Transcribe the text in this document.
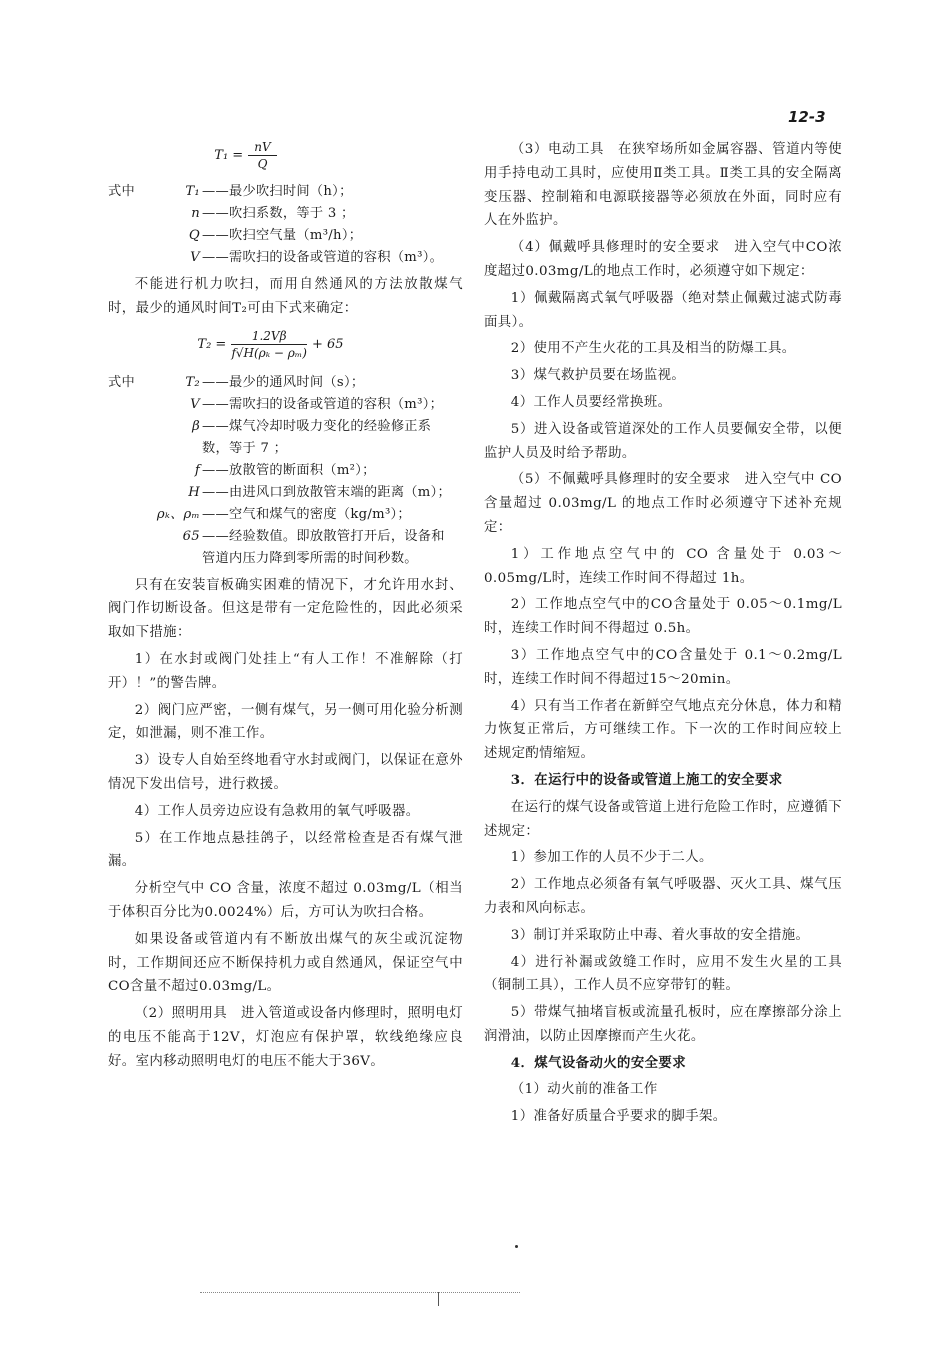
12-3
$T_1 = \frac{nV}{Q}$
式中	T₁ ——最少吹扫时间（h）；
n ——吹扫系数，等于 3 ；
Q ——吹扫空气量（m³/h）；
V ——需吹扫的设备或管道的容积（m³）。

不能进行机力吹扫，而用自然通风的方法放散煤气时，最少的通风时间T₂可由下式来确定：

$T_2 = \frac{1.2V\beta}{\text{f√H(ρₖ − ρₘ)}} + 65$
式中	T₂ ——最少的通风时间（s）；
V ——需吹扫的设备或管道的容积（m³）；
β ——煤气冷却时吸力变化的经验修正系
数，等于 7 ；
f ——放散管的断面积（m²）；
H ——由进风口到放散管末端的距离（m）；
ρₖ、ρₘ ——空气和煤气的密度（kg/m³）；
65 ——经验数值。即放散管打开后，设备和
管道内压力降到零所需的时间秒数。

只有在安装盲板确实困难的情况下，才允许用水封、阀门作切断设备。但这是带有一定危险性的，因此必须采取如下措施：

1）在水封或阀门处挂上“有人工作！不准解除（打开）！”的警告牌。

2）阀门应严密，一侧有煤气，另一侧可用化验分析测定，如泄漏，则不准工作。

3）设专人自始至终地看守水封或阀门，以保证在意外情况下发出信号，进行救援。

4）工作人员旁边应设有急救用的氧气呼吸器。

5）在工作地点悬挂鸽子，以经常检查是否有煤气泄漏。

分析空气中 CO 含量，浓度不超过 0.03mg/L（相当于体积百分比为0.0024%）后，方可认为吹扫合格。

如果设备或管道内有不断放出煤气的灰尘或沉淀物时，工作期间还应不断保持机力或自然通风，保证空气中CO含量不超过0.03mg/L。

（2）照明用具　进入管道或设备内修理时，照明电灯的电压不能高于12V，灯泡应有保护罩，软线绝缘应良好。室内移动照明电灯的电压不能大于36V。

（3）电动工具　在狭窄场所如金属容器、管道内等使用手持电动工具时，应使用Ⅱ类工具。Ⅱ类工具的安全隔离变压器、控制箱和电源联接器等必须放在外面，同时应有人在外监护。

（4）佩戴呼具修理时的安全要求　进入空气中CO浓度超过0.03mg/L的地点工作时，必须遵守如下规定：

1）佩戴隔离式氧气呼吸器（绝对禁止佩戴过滤式防毒面具）。

2）使用不产生火花的工具及相当的防爆工具。

3）煤气救护员要在场监视。

4）工作人员要经常换班。

5）进入设备或管道深处的工作人员要佩安全带，以便监护人员及时给予帮助。

（5）不佩戴呼具修理时的安全要求　进入空气中 CO 含量超过 0.03mg/L 的地点工作时必须遵守下述补充规定：

1）工作地点空气中的 CO 含量处于 0.03～0.05mg/L时，连续工作时间不得超过 1h。

2）工作地点空气中的CO含量处于 0.05～0.1mg/L时，连续工作时间不得超过 0.5h。

3）工作地点空气中的CO含量处于 0.1～0.2mg/L时，连续工作时间不得超过15～20min。

4）只有当工作者在新鲜空气地点充分休息，体力和精力恢复正常后，方可继续工作。下一次的工作时间应较上述规定酌情缩短。

3．在运行中的设备或管道上施工的安全要求

在运行的煤气设备或管道上进行危险工作时，应遵循下述规定：

1）参加工作的人员不少于二人。

2）工作地点必须备有氧气呼吸器、灭火工具、煤气压力表和风向标志。

3）制订并采取防止中毒、着火事故的安全措施。

4）进行补漏或敛缝工作时，应用不发生火星的工具（铜制工具），工作人员不应穿带钉的鞋。

5）带煤气抽堵盲板或流量孔板时，应在摩擦部分涂上润滑油，以防止因摩擦而产生火花。

4．煤气设备动火的安全要求

（1）动火前的准备工作

1）准备好质量合乎要求的脚手架。
